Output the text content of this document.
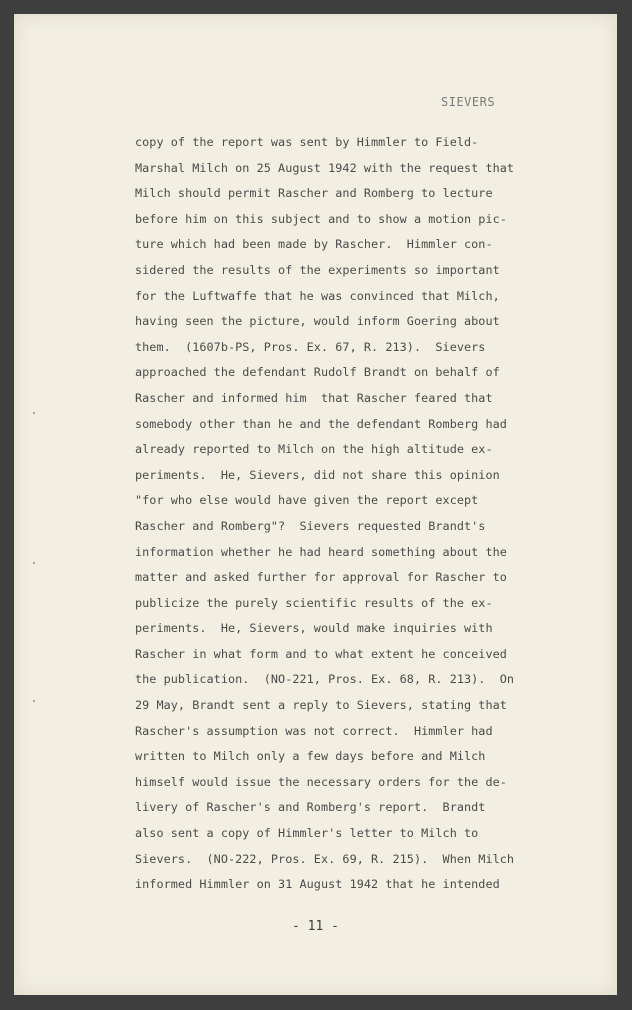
SIEVERS
copy of the report was sent by Himmler to Field-
Marshal Milch on 25 August 1942 with the request that
Milch should permit Rascher and Romberg to lecture
before him on this subject and to show a motion pic-
ture which had been made by Rascher.  Himmler con-
sidered the results of the experiments so important
for the Luftwaffe that he was convinced that Milch,
having seen the picture, would inform Goering about
them.  (1607b-PS, Pros. Ex. 67, R. 213).  Sievers
approached the defendant Rudolf Brandt on behalf of
Rascher and informed him  that Rascher feared that
somebody other than he and the defendant Romberg had
already reported to Milch on the high altitude ex-
periments.  He, Sievers, did not share this opinion
"for who else would have given the report except
Rascher and Romberg"?  Sievers requested Brandt's
information whether he had heard something about the
matter and asked further for approval for Rascher to
publicize the purely scientific results of the ex-
periments.  He, Sievers, would make inquiries with
Rascher in what form and to what extent he conceived
the publication.  (NO-221, Pros. Ex. 68, R. 213).  On
29 May, Brandt sent a reply to Sievers, stating that
Rascher's assumption was not correct.  Himmler had
written to Milch only a few days before and Milch
himself would issue the necessary orders for the de-
livery of Rascher's and Romberg's report.  Brandt
also sent a copy of Himmler's letter to Milch to
Sievers.  (NO-222, Pros. Ex. 69, R. 215).  When Milch
informed Himmler on 31 August 1942 that he intended
- 11 -
